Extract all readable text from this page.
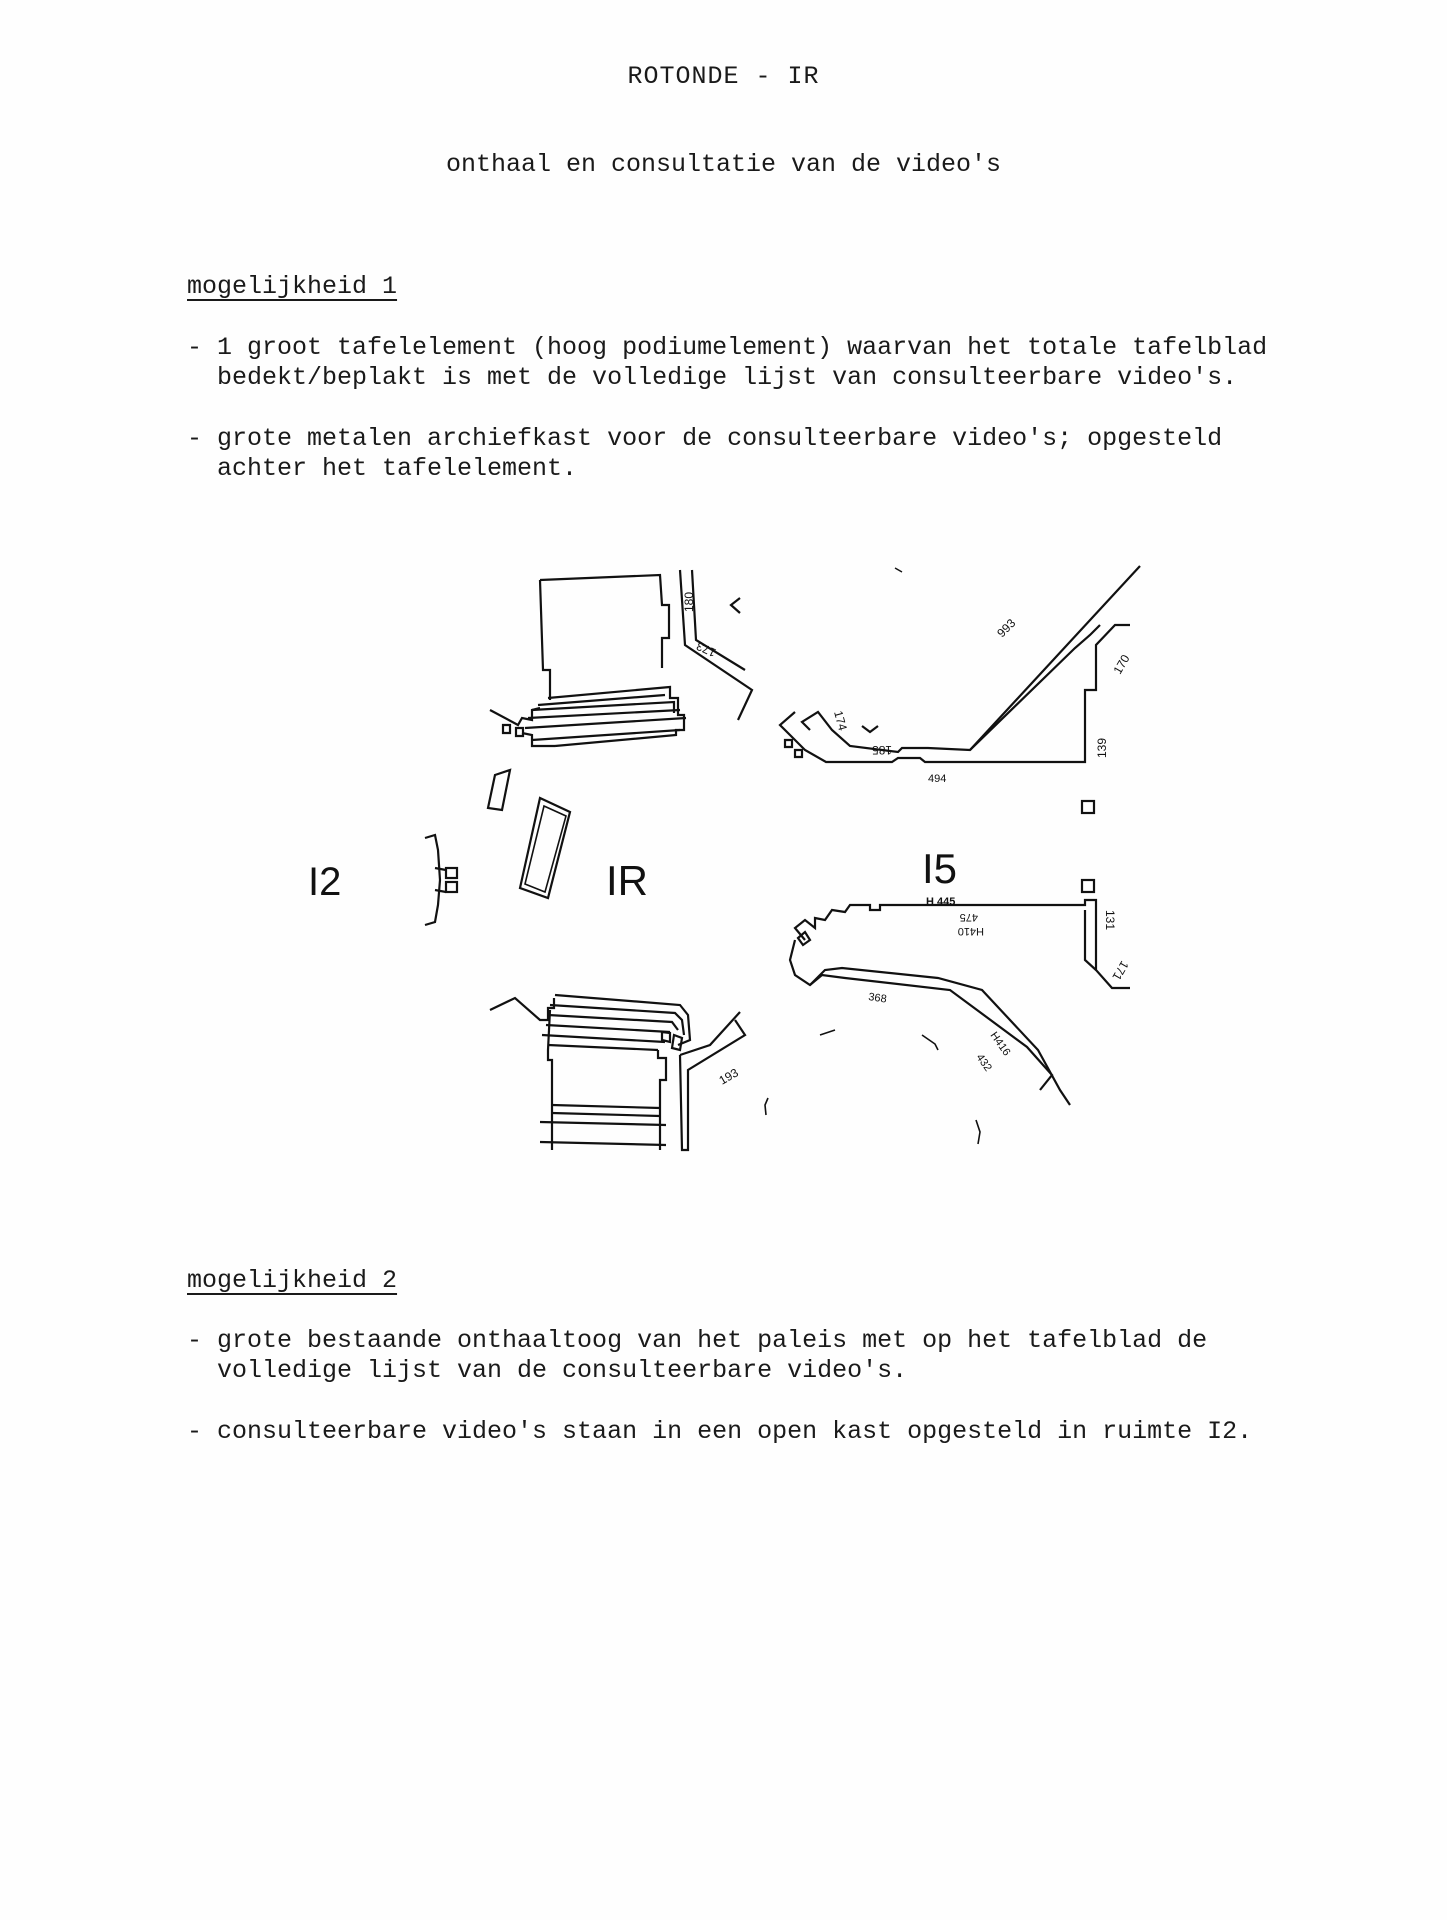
ROTONDE - IR
onthaal en consultatie van de video's
mogelijkheid 1
- 1 groot tafelelement (hoog podiumelement) waarvan het totale tafelblad
bedekt/beplakt is met de volledige lijst van consulteerbare video's.
- grote metalen archiefkast voor de consulteerbare video's; opgesteld
achter het tafelelement.
I2	IR	I5
H 445
180
173
993
170
174
185	139
494
475
H410
131
171
368
H416
432
193
mogelijkheid 2
- grote bestaande onthaaltoog van het paleis met op het tafelblad de
volledige lijst van de consulteerbare video's.
- consulteerbare video's staan in een open kast opgesteld in ruimte I2.
